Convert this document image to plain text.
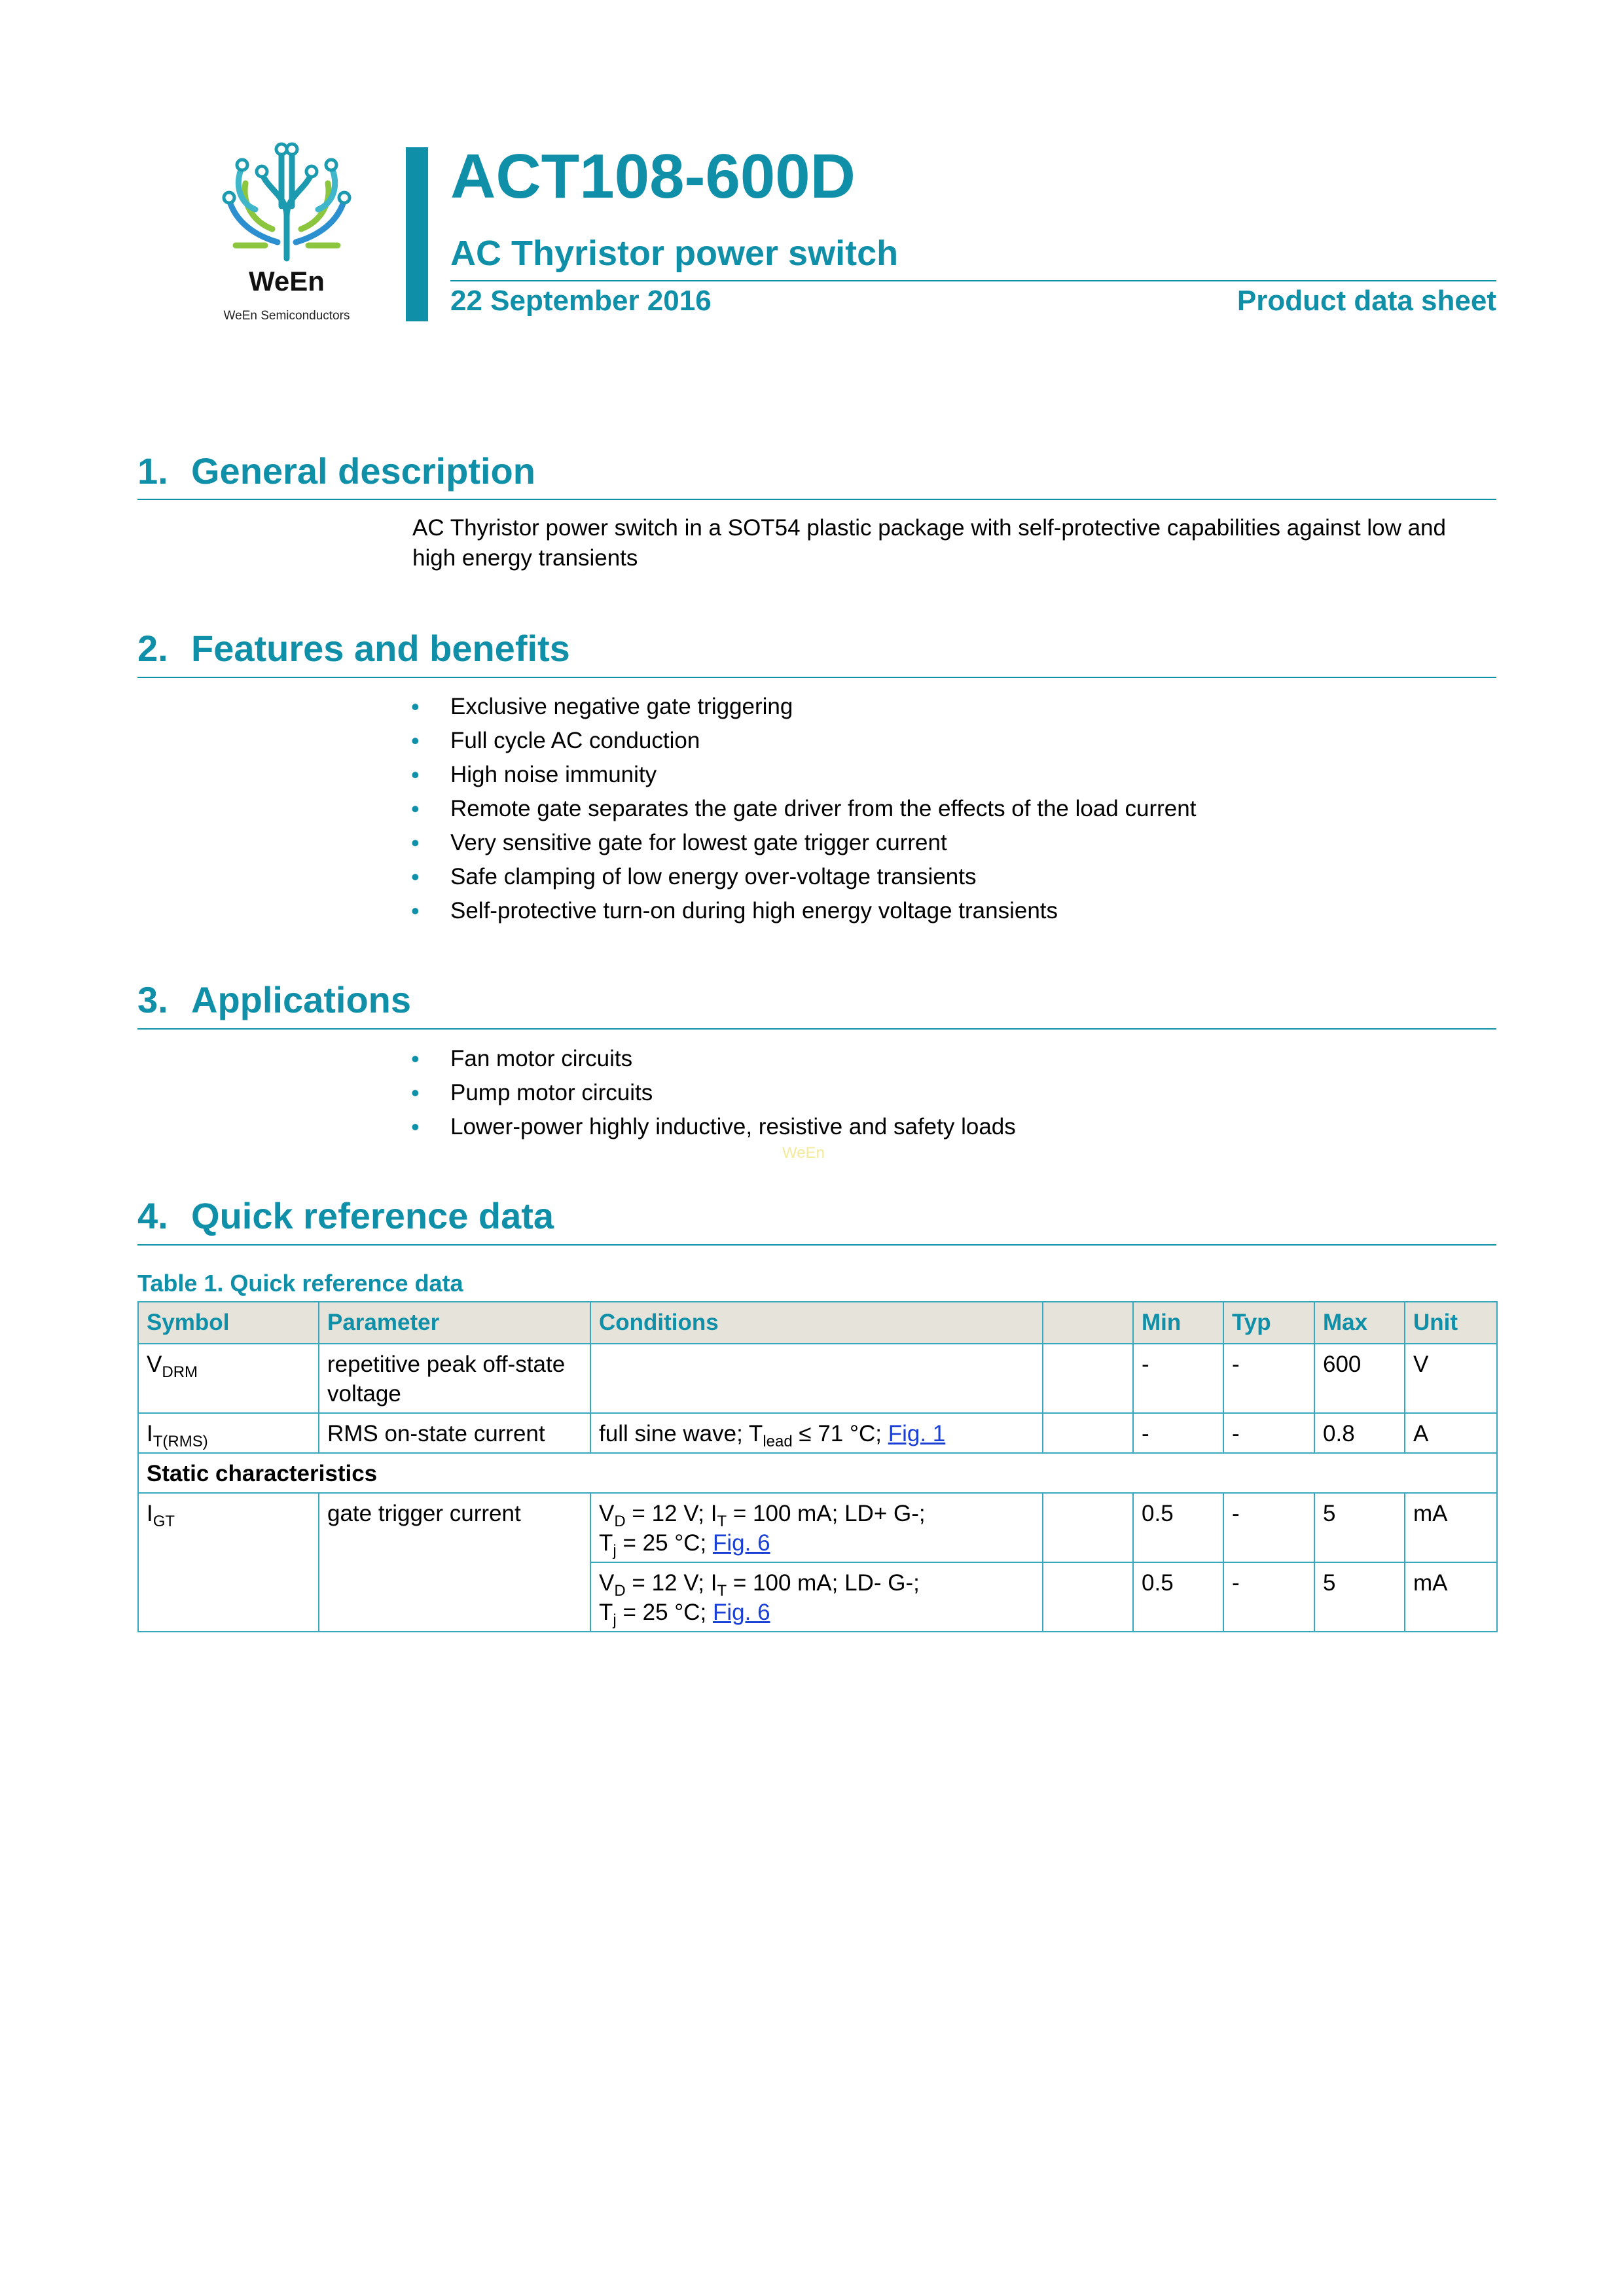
WeEn
WeEn Semiconductors
ACT108-600D
AC Thyristor power switch
22 September 2016	Product data sheet
1. General description
AC Thyristor power switch in a SOT54 plastic package with self-protective capabilities against low and high energy transients
2. Features and benefits
• Exclusive negative gate triggering
• Full cycle AC conduction
• High noise immunity
• Remote gate separates the gate driver from the effects of the load current
• Very sensitive gate for lowest gate trigger current
• Safe clamping of low energy over-voltage transients
• Self-protective turn-on during high energy voltage transients
3. Applications
• Fan motor circuits
• Pump motor circuits
• Lower-power highly inductive, resistive and safety loads
WeEn
4. Quick reference data
Table 1. Quick reference data
Symbol	Parameter	Conditions		Min	Typ	Max	Unit
$V_{DRM}$	repetitive peak off-state voltage			-	-	600	V
$I_{T(RMS)}$	RMS on-state current	full sine wave; $T_{lead} \le 71$ °C; Fig. 1		-	-	0.8	A
Static characteristics							
$I_{GT}$	gate trigger current	$V_D = 12$ V; $I_T = 100$ mA; LD+ G-;
$T_j = 25$ °C; Fig. 6		0.5	-	5	mA
		$V_D = 12$ V; $I_T = 100$ mA; LD- G-;
$T_j = 25$ °C; Fig. 6		0.5	-	5	mA
